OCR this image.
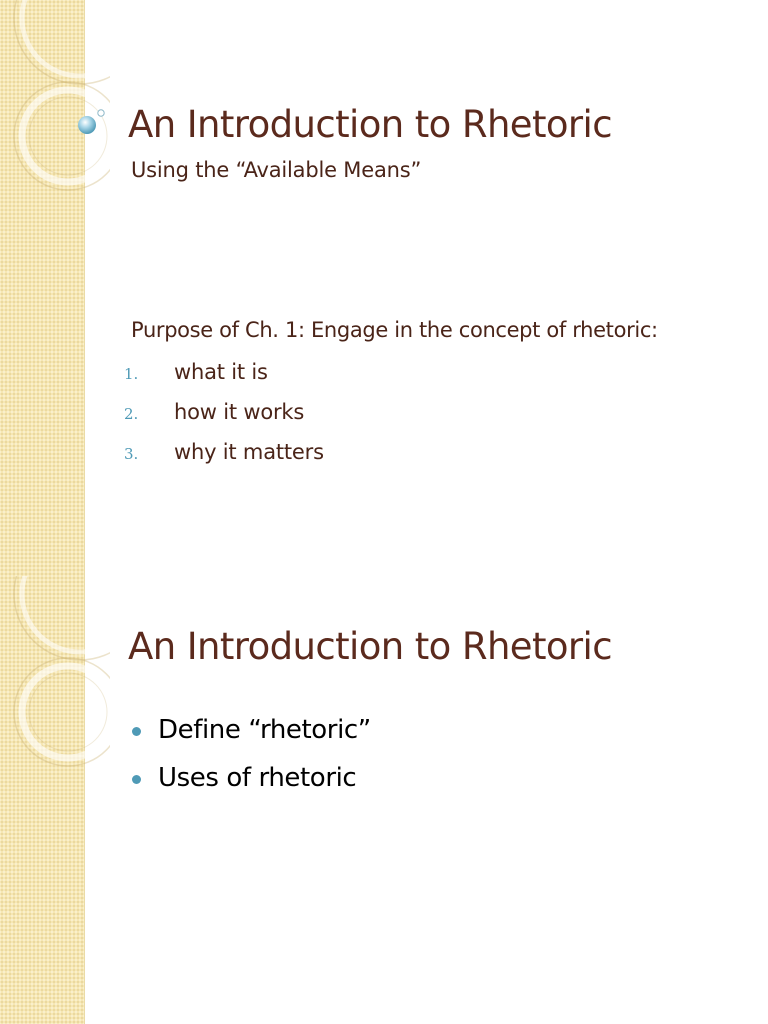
An Introduction to Rhetoric

Using the “Available Means”

Purpose of Ch. 1: Engage in the concept of rhetoric:

1.	what it is
2.	how it works
3.	why it matters
An Introduction to Rhetoric
Define “rhetoric”
Uses of rhetoric
